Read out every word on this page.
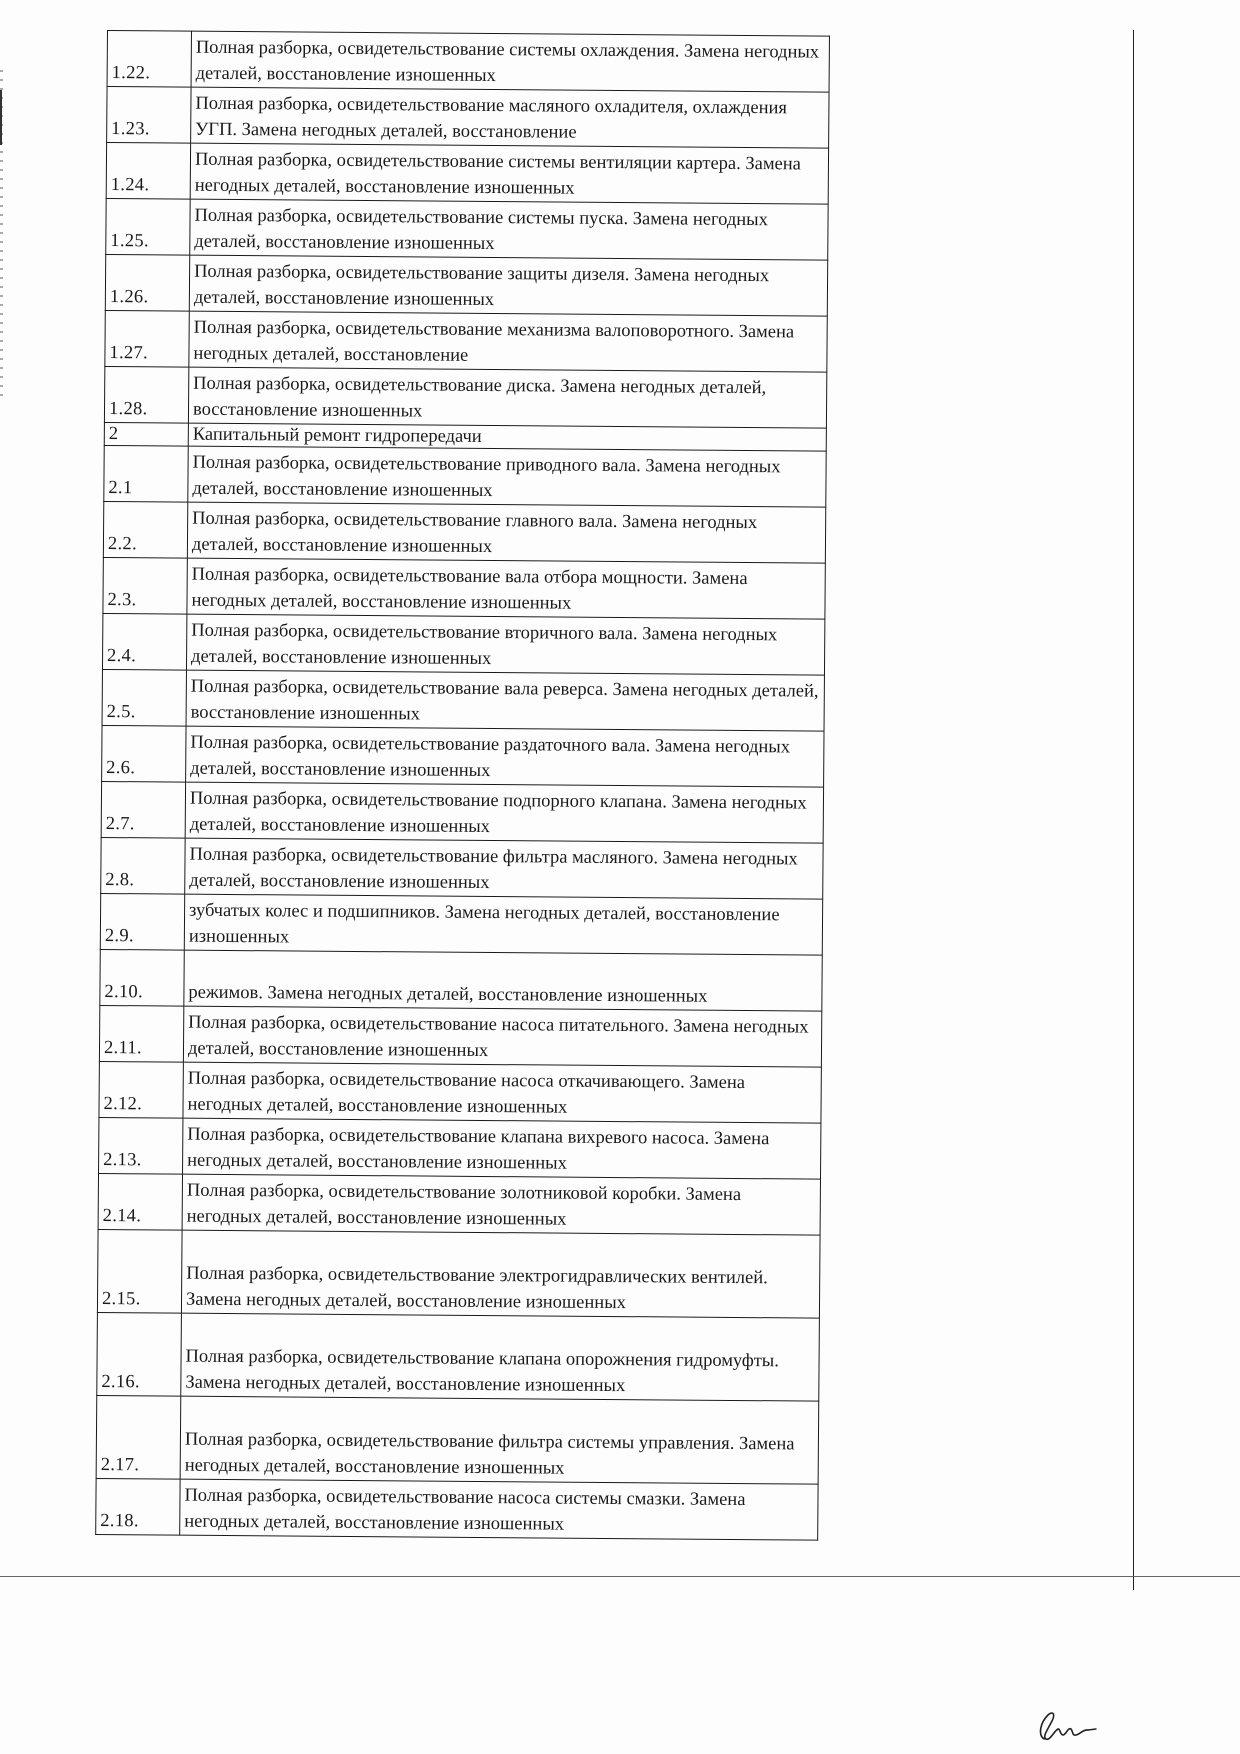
1.22.	Полная разборка, освидетельствование системы охлаждения. Замена негодных деталей, восстановление изношенных
1.23.	Полная разборка, освидетельствование масляного охладителя, охлаждения УГП. Замена негодных деталей, восстановление
1.24.	Полная разборка, освидетельствование системы вентиляции картера. Замена негодных деталей, восстановление изношенных
1.25.	Полная разборка, освидетельствование системы пуска. Замена негодных деталей, восстановление изношенных
1.26.	Полная разборка, освидетельствование защиты дизеля. Замена негодных деталей, восстановление изношенных
1.27.	Полная разборка, освидетельствование механизма валоповоротного. Замена негодных деталей, восстановление
1.28.	Полная разборка, освидетельствование диска. Замена негодных деталей, восстановление изношенных
2	Капитальный ремонт гидропередачи
2.1	Полная разборка, освидетельствование приводного вала. Замена негодных деталей, восстановление изношенных
2.2.	Полная разборка, освидетельствование главного вала. Замена негодных деталей, восстановление изношенных
2.3.	Полная разборка, освидетельствование вала отбора мощности. Замена негодных деталей, восстановление изношенных
2.4.	Полная разборка, освидетельствование вторичного вала. Замена негодных деталей, восстановление изношенных
2.5.	Полная разборка, освидетельствование вала реверса. Замена негодных деталей, восстановление изношенных
2.6.	Полная разборка, освидетельствование раздаточного вала. Замена негодных деталей, восстановление изношенных
2.7.	Полная разборка, освидетельствование подпорного клапана. Замена негодных деталей, восстановление изношенных
2.8.	Полная разборка, освидетельствование фильтра масляного. Замена негодных деталей, восстановление изношенных
2.9.	зубчатых колес и подшипников. Замена негодных деталей, восстановление изношенных
2.10.	режимов. Замена негодных деталей, восстановление изношенных
2.11.	Полная разборка, освидетельствование насоса питательного. Замена негодных деталей, восстановление изношенных
2.12.	Полная разборка, освидетельствование насоса откачивающего. Замена негодных деталей, восстановление изношенных
2.13.	Полная разборка, освидетельствование клапана вихревого насоса. Замена негодных деталей, восстановление изношенных
2.14.	Полная разборка, освидетельствование золотниковой коробки. Замена негодных деталей, восстановление изношенных
2.15.	Полная разборка, освидетельствование электрогидравлических вентилей. Замена негодных деталей, восстановление изношенных
2.16.	Полная разборка, освидетельствование клапана опорожнения гидромуфты. Замена негодных деталей, восстановление изношенных
2.17.	Полная разборка, освидетельствование фильтра системы управления. Замена негодных деталей, восстановление изношенных
2.18.	Полная разборка, освидетельствование насоса системы смазки. Замена негодных деталей, восстановление изношенных
